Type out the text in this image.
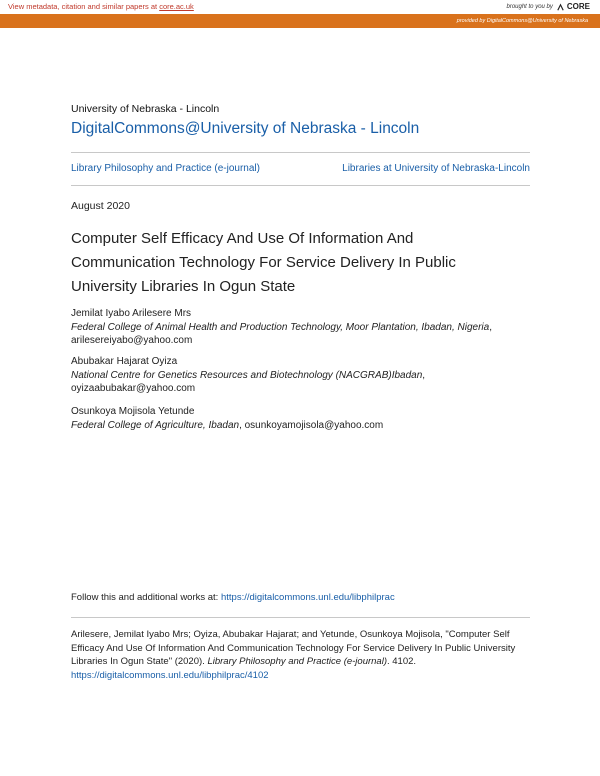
View metadata, citation and similar papers at core.ac.uk	brought to you by CORE
provided by DigitalCommons@University of Nebraska
University of Nebraska - Lincoln
DigitalCommons@University of Nebraska - Lincoln
Library Philosophy and Practice (e-journal)	Libraries at University of Nebraska-Lincoln
August 2020
Computer Self Efficacy And Use Of Information And Communication Technology For Service Delivery In Public University Libraries In Ogun State
Jemilat Iyabo Arilesere Mrs
Federal College of Animal Health and Production Technology, Moor Plantation, Ibadan, Nigeria,
arilesereiyabo@yahoo.com
Abubakar Hajarat Oyiza
National Centre for Genetics Resources and Biotechnology (NACGRAB)Ibadan,
oyizaabubakar@yahoo.com
Osunkoya Mojisola Yetunde
Federal College of Agriculture, Ibadan, osunkoyamojisola@yahoo.com
Follow this and additional works at: https://digitalcommons.unl.edu/libphilprac
Arilesere, Jemilat Iyabo Mrs; Oyiza, Abubakar Hajarat; and Yetunde, Osunkoya Mojisola, "Computer Self Efficacy And Use Of Information And Communication Technology For Service Delivery In Public University Libraries In Ogun State" (2020). Library Philosophy and Practice (e-journal). 4102.
https://digitalcommons.unl.edu/libphilprac/4102
